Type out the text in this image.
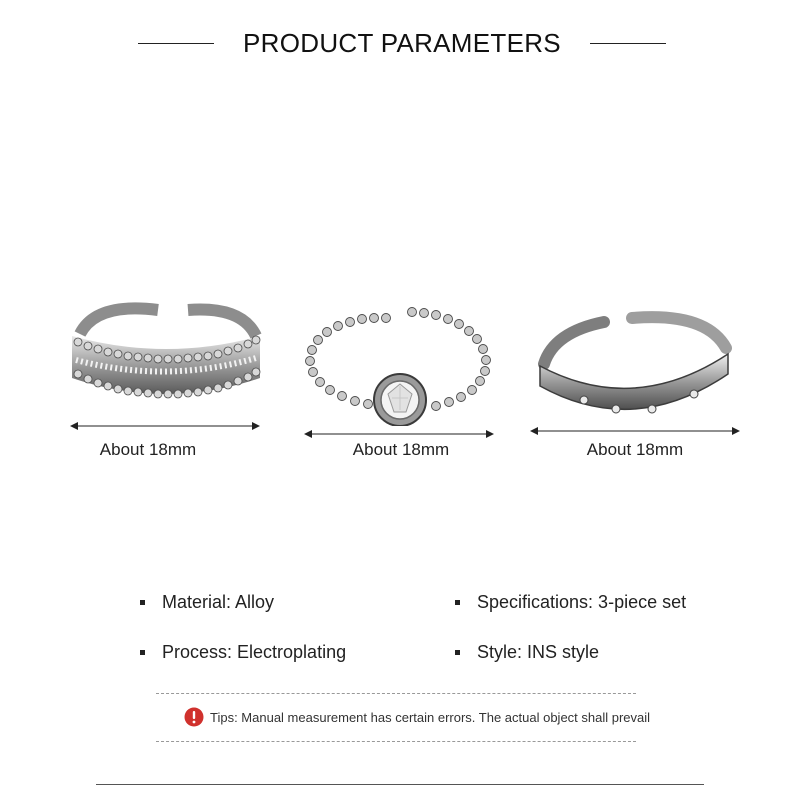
PRODUCT PARAMETERS
About 18mm	About 18mm	About 18mm
Material: Alloy	Specifications: 3-piece set
Process: Electroplating	Style: INS style
Tips: Manual measurement has certain errors. The actual object shall prevail
